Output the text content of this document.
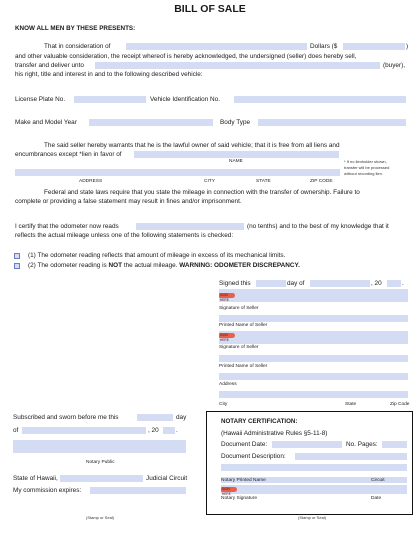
BILL OF SALE
KNOW ALL MEN BY THESE PRESENTS:
That in consideration of	Dollars ($	)
and other valuable consideration, the receipt whereof is hereby acknowledged, the undersigned (seller) does hereby sell,
transfer and deliver unto	(buyer),
his right, title and interest in and to the following described vehicle:
License Plate No.	Vehicle Identification No.
Make and Model Year	Body Type
The said seller hereby warrants that he is the lawful owner of said vehicle; that it is free from all liens and
encumbrances except *lien in favor of
NAME	* If no lienholder shown,
transfer will be processed
without recording lien.
ADDRESS	CITY	STATE	ZIP CODE
Federal and state laws require that you state the mileage in connection with the transfer of ownership. Failure to
complete or providing a false statement may result in fines and/or imprisonment.
I certify that the odometer now reads	(no tenths) and to the best of my knowledge that it
reflects the actual mileage unless one of the following statements is checked:
(1) The odometer reading reflects that amount of mileage in excess of its mechanical limits.
(2) The odometer reading is NOT the actual mileage. WARNING: ODOMETER DISCREPANCY.
Signed this	day of	, 20	.
SIGN HERE
Signature of Seller
Printed Name of Seller
SIGN HERE
Signature of Seller
Printed Name of Seller
Address
City	State	Zip Code
Subscribed and sworn before me this	day
of	, 20	.
Notary Public
State of Hawaii,	Judicial Circuit
My commission expires:
(Stamp or Seal)
NOTARY CERTIFICATION:
(Hawaii Administrative Rules §5-11-8)
Document Date:	No. Pages:
Document Description:
Notary Printed Name	Circuit
SIGN HERE
Notary Signature	Date
(Stamp or Seal)
